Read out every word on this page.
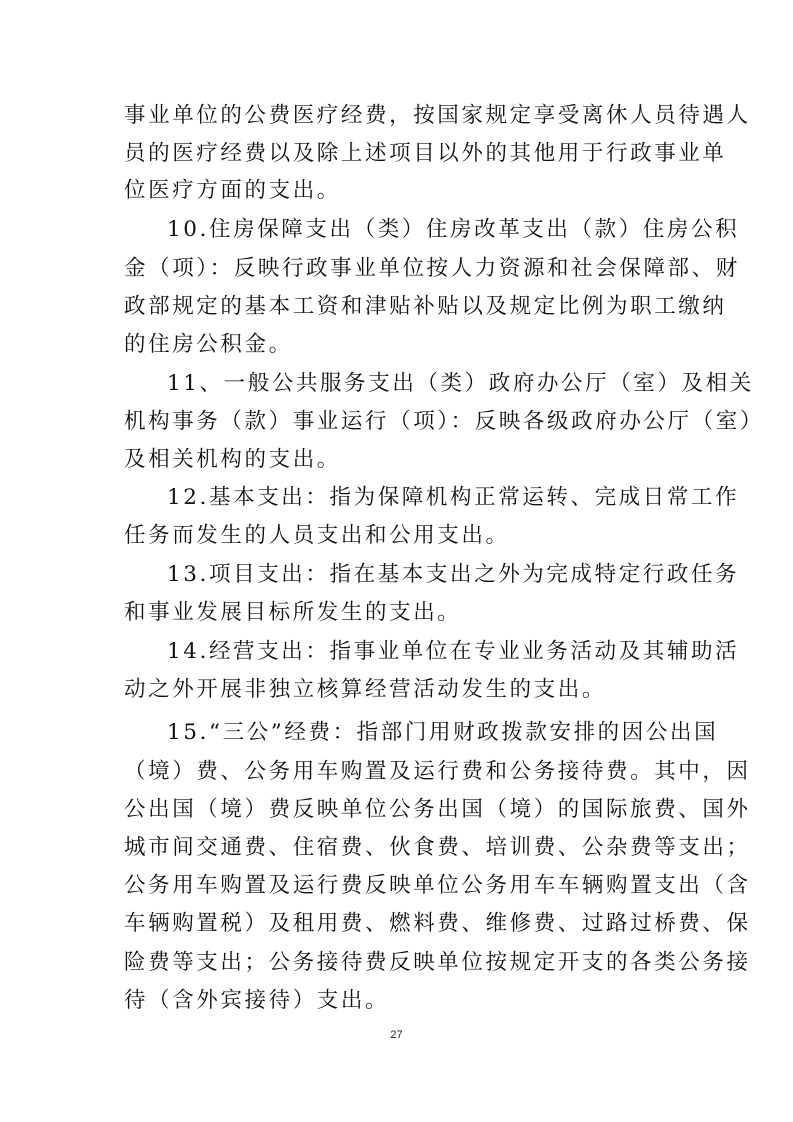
事业单位的公费医疗经费，按国家规定享受离休人员待遇人
员的医疗经费以及除上述项目以外的其他用于行政事业单
位医疗方面的支出。
10.住房保障支出（类）住房改革支出（款）住房公积
金（项）：反映行政事业单位按人力资源和社会保障部、财
政部规定的基本工资和津贴补贴以及规定比例为职工缴纳
的住房公积金。
11、一般公共服务支出（类）政府办公厅（室）及相关
机构事务（款）事业运行（项）：反映各级政府办公厅（室）
及相关机构的支出。
12.基本支出：指为保障机构正常运转、完成日常工作
任务而发生的人员支出和公用支出。
13.项目支出：指在基本支出之外为完成特定行政任务
和事业发展目标所发生的支出。
14.经营支出：指事业单位在专业业务活动及其辅助活
动之外开展非独立核算经营活动发生的支出。
15.“三公”经费：指部门用财政拨款安排的因公出国
（境）费、公务用车购置及运行费和公务接待费。其中，因
公出国（境）费反映单位公务出国（境）的国际旅费、国外
城市间交通费、住宿费、伙食费、培训费、公杂费等支出；
公务用车购置及运行费反映单位公务用车车辆购置支出（含
车辆购置税）及租用费、燃料费、维修费、过路过桥费、保
险费等支出；公务接待费反映单位按规定开支的各类公务接
待（含外宾接待）支出。
27
